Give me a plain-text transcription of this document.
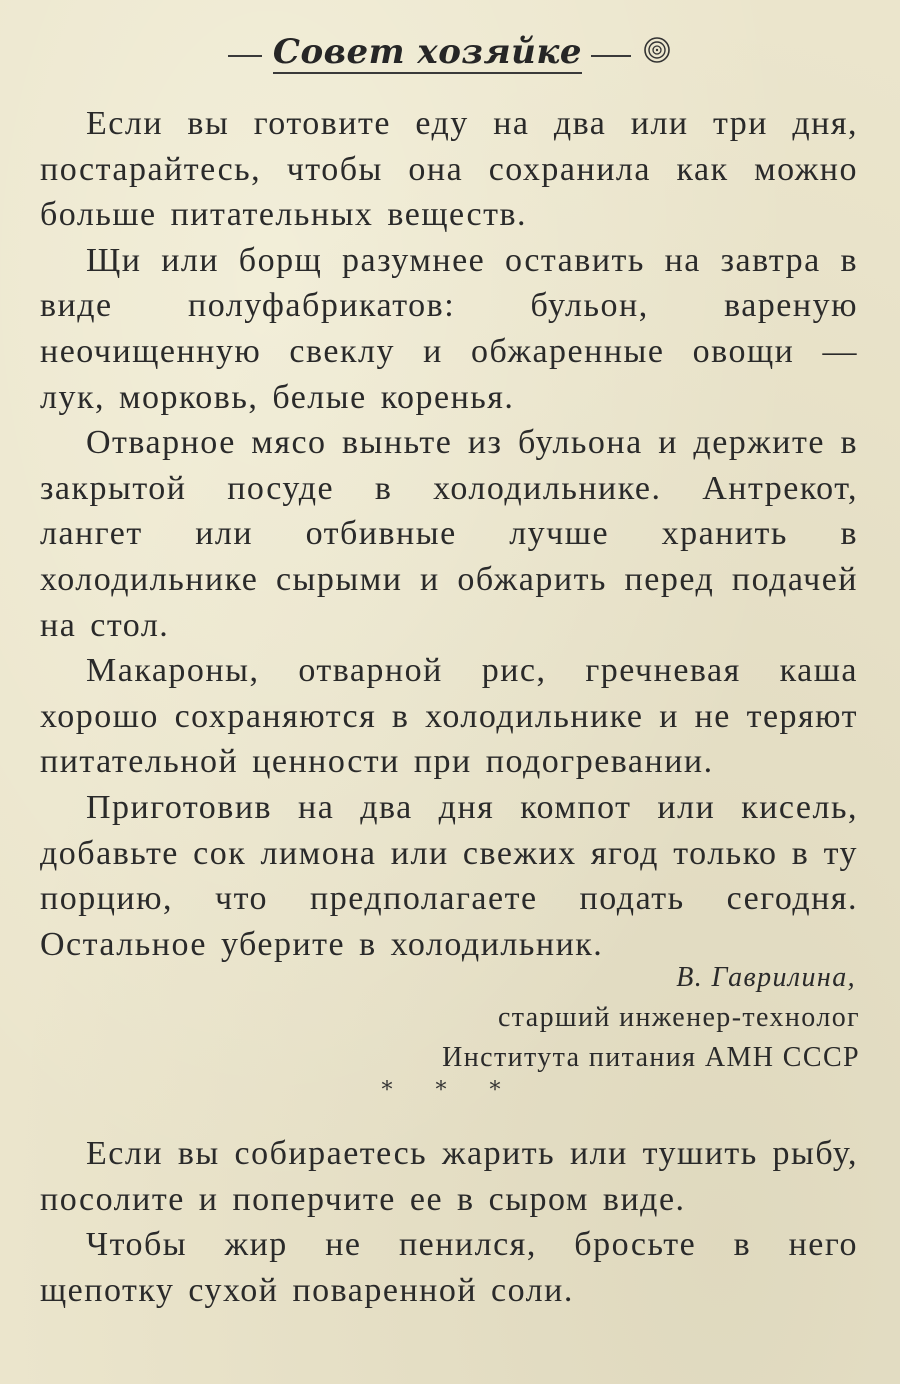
Совет хозяйке

Если вы готовите еду на два или три дня, постарайтесь, чтобы она сохранила как можно больше питательных веществ.

Щи или борщ разумнее оставить на завтра в виде полуфабрикатов: бульон, вареную неочищенную свеклу и обжаренные овощи — лук, морковь, белые коренья.

Отварное мясо выньте из бульона и держите в закрытой посуде в холодильнике. Антрекот, лангет или отбивные лучше хранить в холодильнике сырыми и обжарить перед подачей на стол.

Макароны, отварной рис, гречневая каша хорошо сохраняются в холодильнике и не теряют питательной ценности при подогревании.

Приготовив на два дня компот или кисель, добавьте сок лимона или свежих ягод только в ту порцию, что предполагаете подать сегодня. Остальное уберите в холодильник.

В. Гаврилина,
старший инженер-технолог
Института питания АМН СССР
* * *

Если вы собираетесь жарить или тушить рыбу, посолите и поперчите ее в сыром виде.

Чтобы жир не пенился, бросьте в него щепотку сухой поваренной соли.
